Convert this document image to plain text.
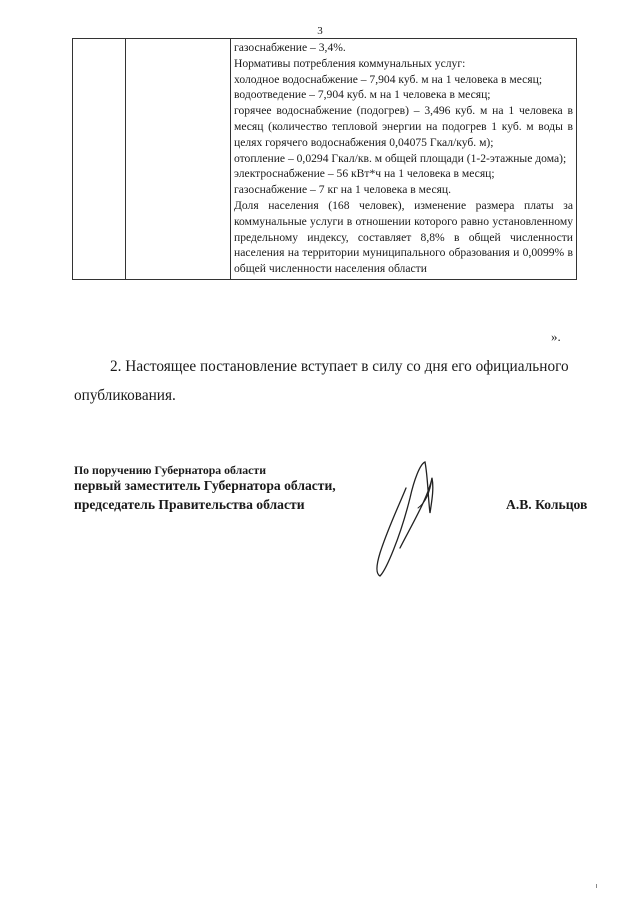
3

газоснабжение – 3,4%.
Нормативы потребления коммунальных услуг:
холодное водоснабжение – 7,904 куб. м на 1 человека в месяц;
водоотведение – 7,904 куб. м на 1 человека в месяц;
горячее водоснабжение (подогрев) – 3,496 куб. м на 1 человека в месяц (количество тепловой энергии на подогрев 1 куб. м воды в целях горячего водоснабжения 0,04075 Гкал/куб. м);
отопление – 0,0294 Гкал/кв. м общей площади (1-2-этажные дома);
электроснабжение – 56 кВт*ч на 1 человека в месяц;
газоснабжение – 7 кг на 1 человека в месяц.
Доля населения (168 человек), изменение размера платы за коммунальные услуги в отношении которого равно установленному предельному индексу, составляет 8,8% в общей численности населения на территории муниципального образования и 0,0099% в общей численности населения области
».
2. Настоящее постановление вступает в силу со дня его официального
опубликования.
По поручению Губернатора области
первый заместитель Губернатора области,
председатель Правительства области	А.В. Кольцов
